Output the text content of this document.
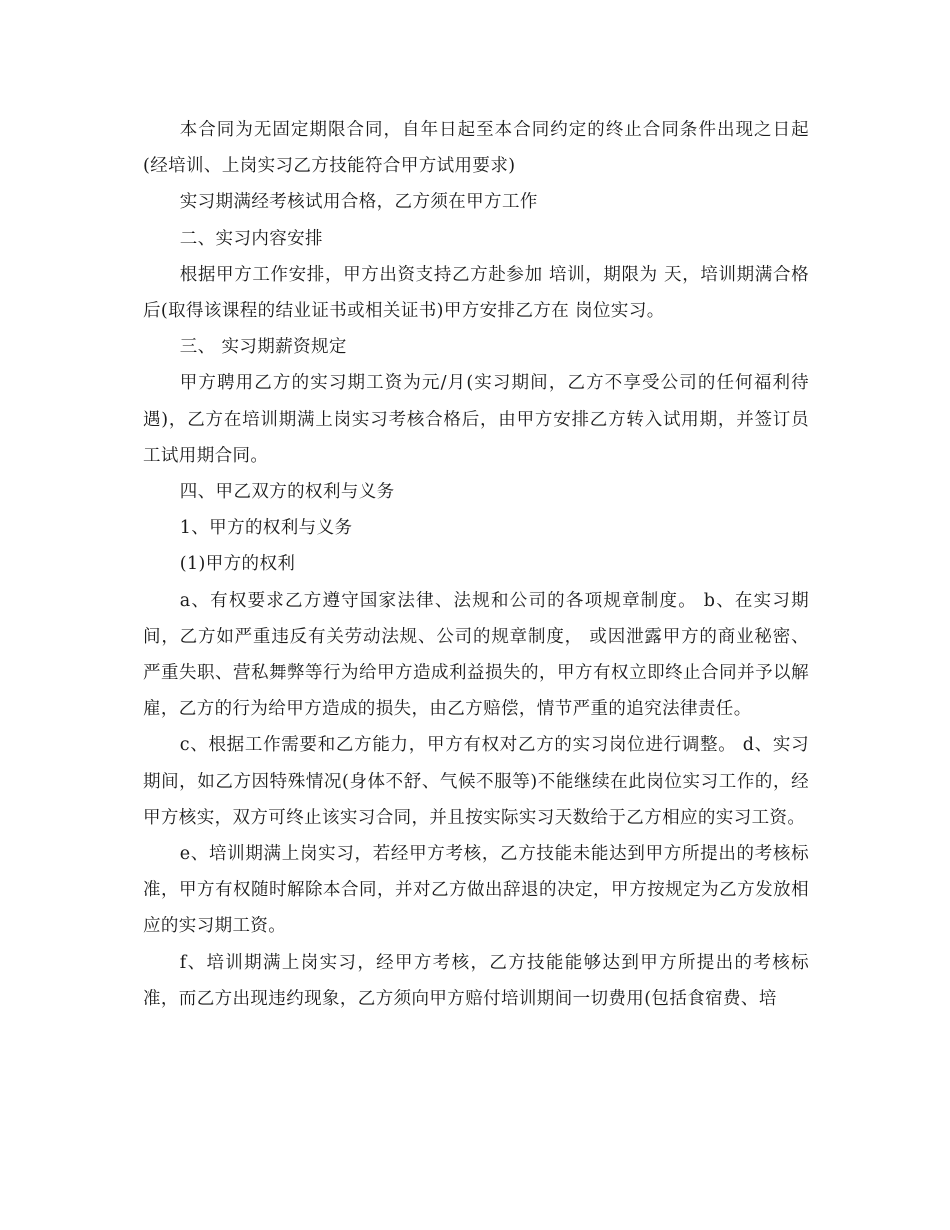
本合同为无固定期限合同，自年日起至本合同约定的终止合同条件出现之日起(经培训、上岗实习乙方技能符合甲方试用要求)

实习期满经考核试用合格，乙方须在甲方工作

二、实习内容安排

根据甲方工作安排，甲方出资支持乙方赴参加 培训，期限为 天，培训期满合格后(取得该课程的结业证书或相关证书)甲方安排乙方在 岗位实习。

三、 实习期薪资规定

甲方聘用乙方的实习期工资为元/月(实习期间，乙方不享受公司的任何福利待遇)，乙方在培训期满上岗实习考核合格后，由甲方安排乙方转入试用期，并签订员工试用期合同。

四、甲乙双方的权利与义务

1、甲方的权利与义务

(1)甲方的权利

a、有权要求乙方遵守国家法律、法规和公司的各项规章制度。 b、在实习期间，乙方如严重违反有关劳动法规、公司的规章制度， 或因泄露甲方的商业秘密、严重失职、营私舞弊等行为给甲方造成利益损失的，甲方有权立即终止合同并予以解雇，乙方的行为给甲方造成的损失，由乙方赔偿，情节严重的追究法律责任。

c、根据工作需要和乙方能力，甲方有权对乙方的实习岗位进行调整。 d、实习期间，如乙方因特殊情况(身体不舒、气候不服等)不能继续在此岗位实习工作的，经甲方核实，双方可终止该实习合同，并且按实际实习天数给于乙方相应的实习工资。

e、培训期满上岗实习，若经甲方考核，乙方技能未能达到甲方所提出的考核标准，甲方有权随时解除本合同，并对乙方做出辞退的决定，甲方按规定为乙方发放相应的实习期工资。

f、培训期满上岗实习，经甲方考核，乙方技能能够达到甲方所提出的考核标准，而乙方出现违约现象，乙方须向甲方赔付培训期间一切费用(包括食宿费、培
